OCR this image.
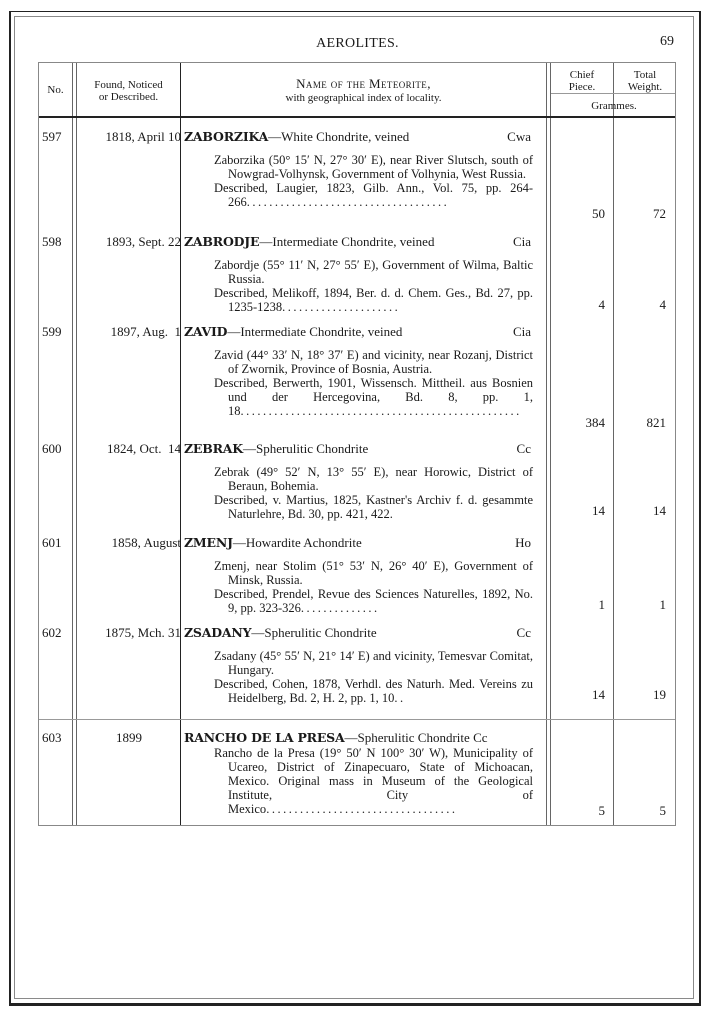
AEROLITES.	69
No.	Found, Noticed
or Described.
Name of the Meteorite,
with geographical index of locality.
Chief
Piece.
Total
Weight.
Grammes.
597	1818, April 10 ZABORZIKA—White Chondrite, veined	Cwa

Zaborzika (50° 15′ N, 27° 30′ E), near River Slutsch, south of Nowgrad-Volhynsk, Government of Volhynia, West Russia.

Described, Laugier, 1823, Gilb. Ann., Vol. 75, pp. 264-266....................................

50	72
598	1893, Sept. 22 ZABRODJE—Intermediate Chondrite, veined	Cia

Zabordje (55° 11′ N, 27° 55′ E), Government of Wilma, Baltic Russia.

Described, Melikoff, 1894, Ber. d. d. Chem. Ges., Bd. 27, pp. 1235-1238.....................	4	4
599	1897, Aug.  1 ZAVID—Intermediate Chondrite, veined	Cia

Zavid (44° 33′ N, 18° 37′ E) and vicinity, near Rozanj, District of Zwornik, Province of Bosnia, Austria.

Described, Berwerth, 1901, Wissensch. Mittheil. aus Bosnien und der Hercegovina, Bd. 8, pp. 1, 18..................................................

384	821
600	1824, Oct.  14 ZEBRAK—Spherulitic Chondrite	Cc

Zebrak (49° 52′ N, 13° 55′ E), near Horowic, District of Beraun, Bohemia.

Described, v. Martius, 1825, Kastner's Archiv f. d. gesammte Naturlehre, Bd. 30, pp. 421, 422.	14	14
601	1858, August ZMENJ—Howardite Achondrite	Ho

Zmenj, near Stolim (51° 53′ N, 26° 40′ E), Government of Minsk, Russia.

Described, Prendel, Revue des Sciences Naturelles, 1892, No. 9, pp. 323-326..............	1	1
602	1875, Mch. 31 ZSADANY—Spherulitic Chondrite	Cc

Zsadany (45° 55′ N, 21° 14′ E) and vicinity, Temesvar Comitat, Hungary.

Described, Cohen, 1878, Verhdl. des Naturh. Med. Vereins zu Heidelberg, Bd. 2, H. 2, pp. 1, 10..	14	19
603	1899	RANCHO DE LA PRESA—Spherulitic Chondrite Cc

Rancho de la Presa (19° 50′ N 100° 30′ W), Municipality of Ucareo, District of Zinapecuaro, State of Michoacan, Mexico. Original mass in Museum of the Geological Institute, City of Mexico..................................	5	5
